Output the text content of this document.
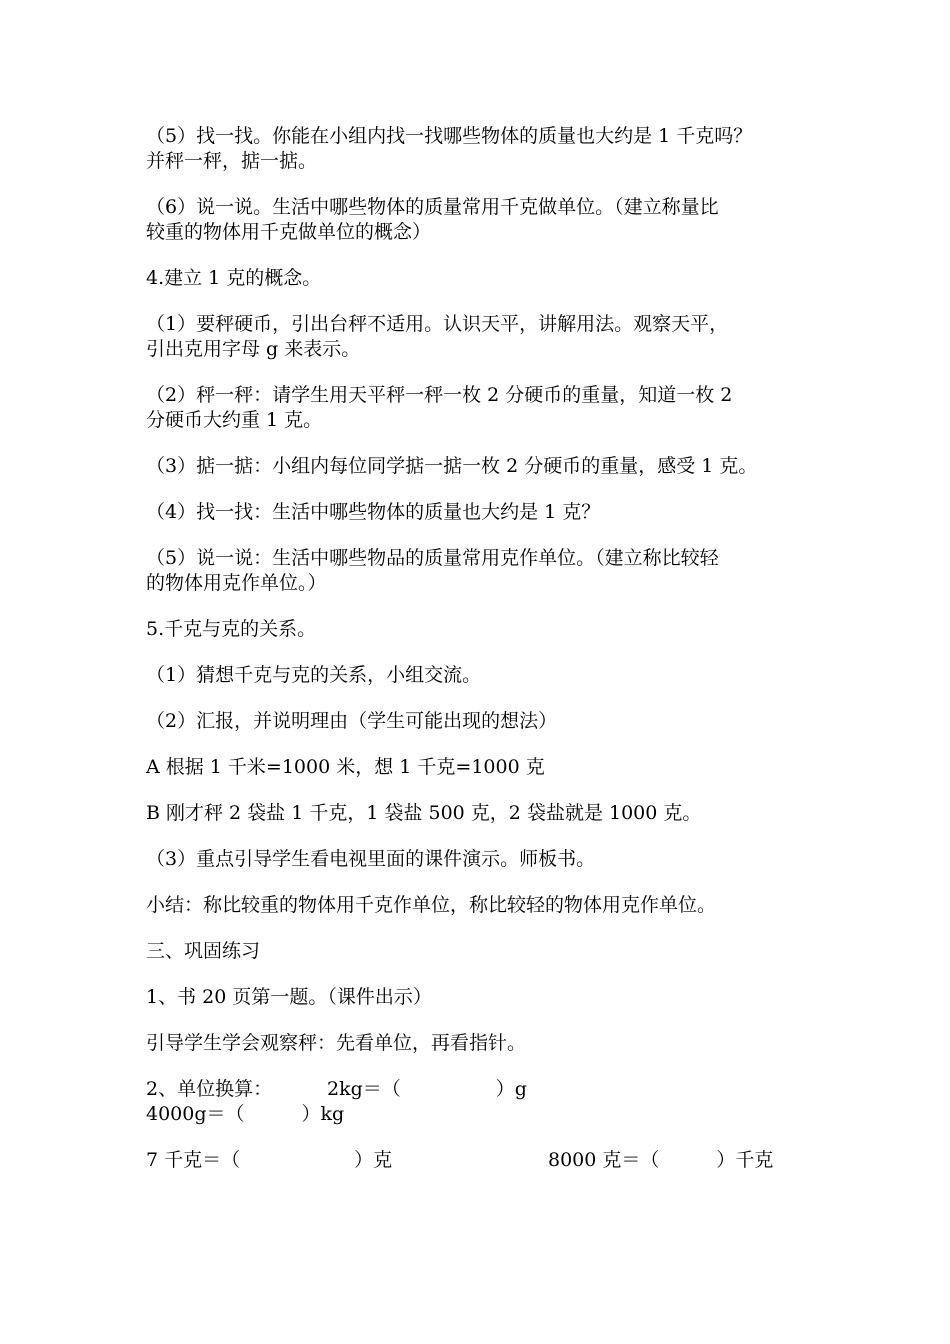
（5）找一找。你能在小组内找一找哪些物体的质量也大约是 1 千克吗？
并秤一秤，掂一掂。
（6）说一说。生活中哪些物体的质量常用千克做单位。（建立称量比
较重的物体用千克做单位的概念）
4.建立 1 克的概念。
（1）要秤硬币，引出台秤不适用。认识天平，讲解用法。观察天平，
引出克用字母 g 来表示。
（2）秤一秤：请学生用天平秤一秤一枚 2 分硬币的重量，知道一枚 2
分硬币大约重 1 克。
（3）掂一掂：小组内每位同学掂一掂一枚 2 分硬币的重量，感受 1 克。
（4）找一找：生活中哪些物体的质量也大约是 1 克？
（5）说一说：生活中哪些物品的质量常用克作单位。（建立称比较轻
的物体用克作单位。）
5.千克与克的关系。
（1）猜想千克与克的关系，小组交流。
（2）汇报，并说明理由（学生可能出现的想法）
A 根据 1 千米=1000 米，想 1 千克=1000 克
B 刚才秤 2 袋盐 1 千克，1 袋盐 500 克，2 袋盐就是 1000 克。
（3）重点引导学生看电视里面的课件演示。师板书。
小结：称比较重的物体用千克作单位，称比较轻的物体用克作单位。
三、巩固练习
1、书 20 页第一题。（课件出示）
引导学生学会观察秤：先看单位，再看指针。
2、单位换算：	2kg＝（　　　　　）g
4000g＝（　　　）kg
7 千克＝（　　　　　　）克	8000 克＝（　　　）千克
